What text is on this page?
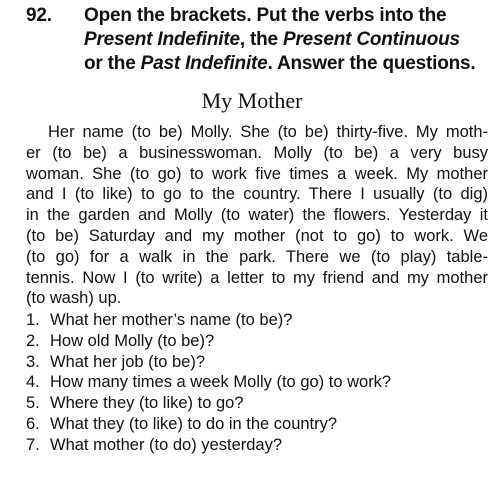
92.	Open the brackets. Put the verbs into the
Present Indefinite, the Present Continuous
or the Past Indefinite. Answer the questions.
My Mother
Her name (to be) Molly. She (to be) thirty-five. My moth-
er (to be) a businesswoman. Molly (to be) a very busy
woman. She (to go) to work five times a week. My mother
and I (to like) to go to the country. There I usually (to dig)
in the garden and Molly (to water) the flowers. Yesterday it
(to be) Saturday and my mother (not to go) to work. We
(to go) for a walk in the park. There we (to play) table-
tennis. Now I (to write) a letter to my friend and my mother
(to wash) up.
1. What her mother’s name (to be)?
2. How old Molly (to be)?
3. What her job (to be)?
4. How many times a week Molly (to go) to work?
5. Where they (to like) to go?
6. What they (to like) to do in the country?
7. What mother (to do) yesterday?
